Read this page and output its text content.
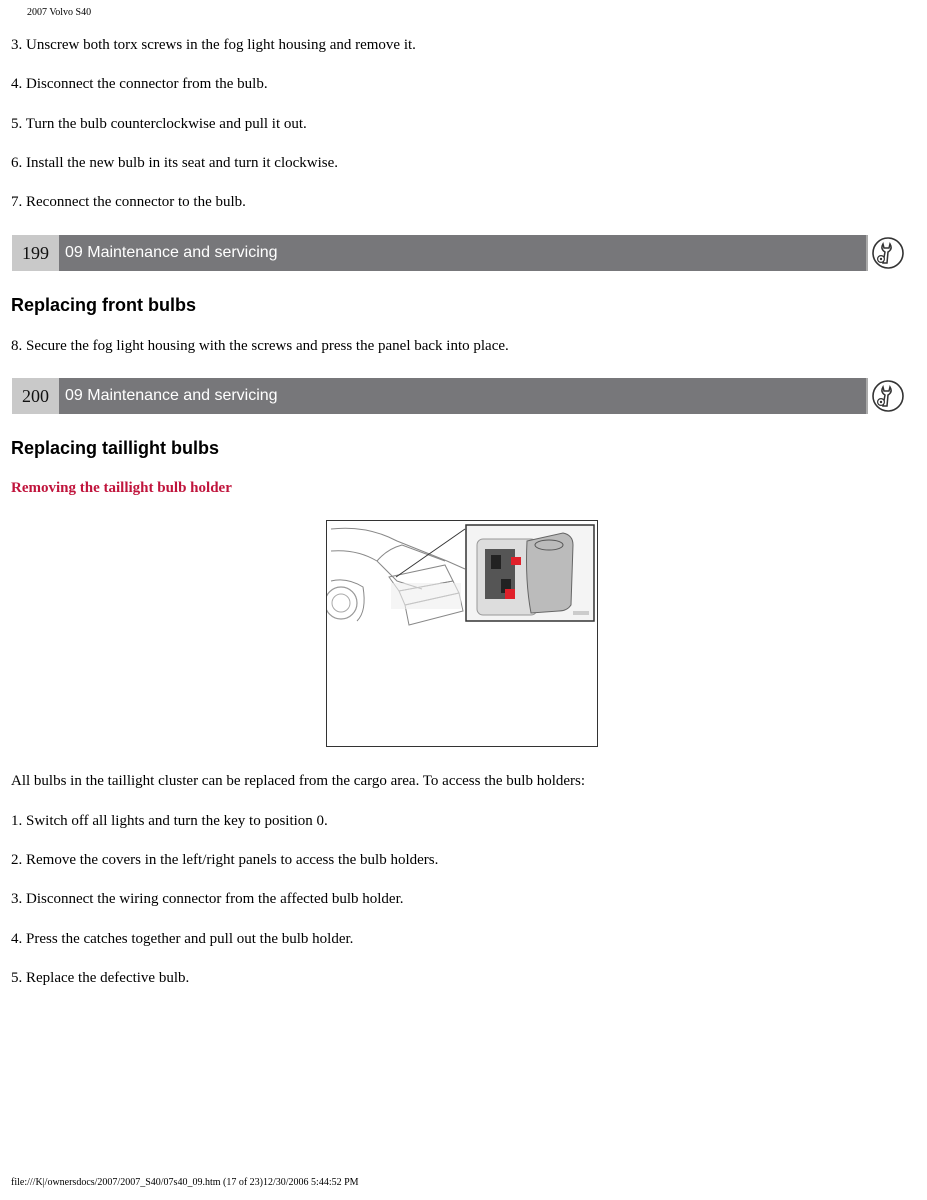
2007 Volvo S40
3. Unscrew both torx screws in the fog light housing and remove it.
4. Disconnect the connector from the bulb.
5. Turn the bulb counterclockwise and pull it out.
6. Install the new bulb in its seat and turn it clockwise.
7. Reconnect the connector to the bulb.
199	09 Maintenance and servicing
Replacing front bulbs
8. Secure the fog light housing with the screws and press the panel back into place.
200	09 Maintenance and servicing
Replacing taillight bulbs
Removing the taillight bulb holder
All bulbs in the taillight cluster can be replaced from the cargo area. To access the bulb holders:
1. Switch off all lights and turn the key to position 0.
2. Remove the covers in the left/right panels to access the bulb holders.
3. Disconnect the wiring connector from the affected bulb holder.
4. Press the catches together and pull out the bulb holder.
5. Replace the defective bulb.
file:///K|/ownersdocs/2007/2007_S40/07s40_09.htm (17 of 23)12/30/2006 5:44:52 PM
